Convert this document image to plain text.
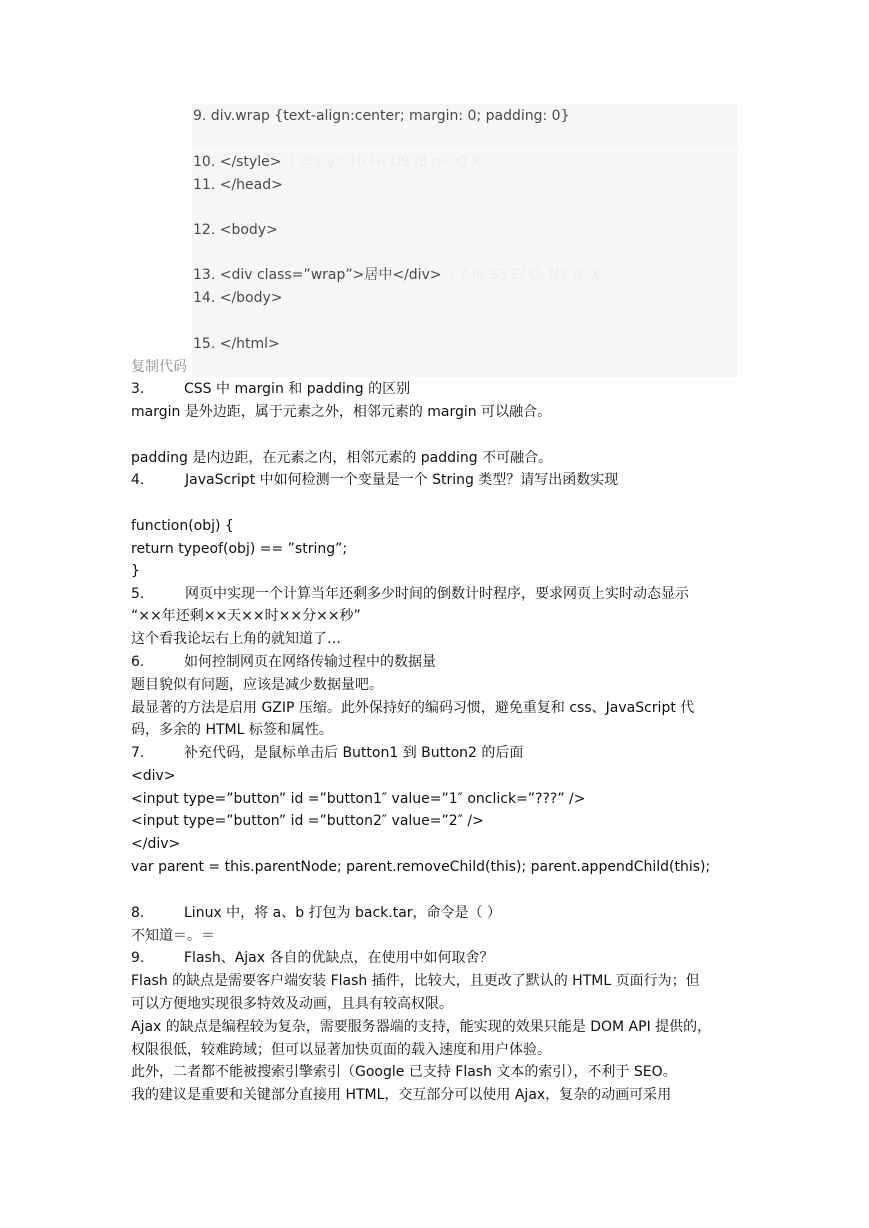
9. div.wrap {text-align:center; margin: 0; padding: 0}
10. </style> ( @$ y^ t0 H- D9 j8 p= Q X
11. </head>
12. <body>
13. <div class=”wrap”>居中</div> / Y i6 S3 E/ O, N2 d' X
14. </body>
15. </html>
复制代码
3.	CSS 中 margin 和 padding 的区别
margin 是外边距，属于元素之外，相邻元素的 margin 可以融合。
padding 是内边距，在元素之内，相邻元素的 padding 不可融合。
4.	JavaScript 中如何检测一个变量是一个 String 类型？请写出函数实现
function(obj) {
return typeof(obj) == ”string”;
}
5.	网页中实现一个计算当年还剩多少时间的倒数计时程序，要求网页上实时动态显示
“××年还剩××天××时××分××秒”
这个看我论坛右上角的就知道了…
6.	如何控制网页在网络传输过程中的数据量
题目貌似有问题，应该是减少数据量吧。
最显著的方法是启用 GZIP 压缩。此外保持好的编码习惯，避免重复和 css、JavaScript 代
码，多余的 HTML 标签和属性。
7.	补充代码，是鼠标单击后 Button1 到 Button2 的后面
<div>
<input type=”button” id =”button1″ value=”1″ onclick=”???” />
<input type=”button” id =”button2″ value=”2″ />
</div>
var parent = this.parentNode; parent.removeChild(this); parent.appendChild(this);
8.	Linux 中，将 a、b 打包为 back.tar，命令是（ ）
不知道＝。＝
9.	Flash、Ajax 各自的优缺点，在使用中如何取舍？
Flash 的缺点是需要客户端安装 Flash 插件，比较大，且更改了默认的 HTML 页面行为；但
可以方便地实现很多特效及动画，且具有较高权限。
Ajax 的缺点是编程较为复杂，需要服务器端的支持，能实现的效果只能是 DOM API 提供的，
权限很低，较难跨域；但可以显著加快页面的载入速度和用户体验。
此外，二者都不能被搜索引擎索引（Google 已支持 Flash 文本的索引），不利于 SEO。
我的建议是重要和关键部分直接用 HTML，交互部分可以使用 Ajax，复杂的动画可采用
